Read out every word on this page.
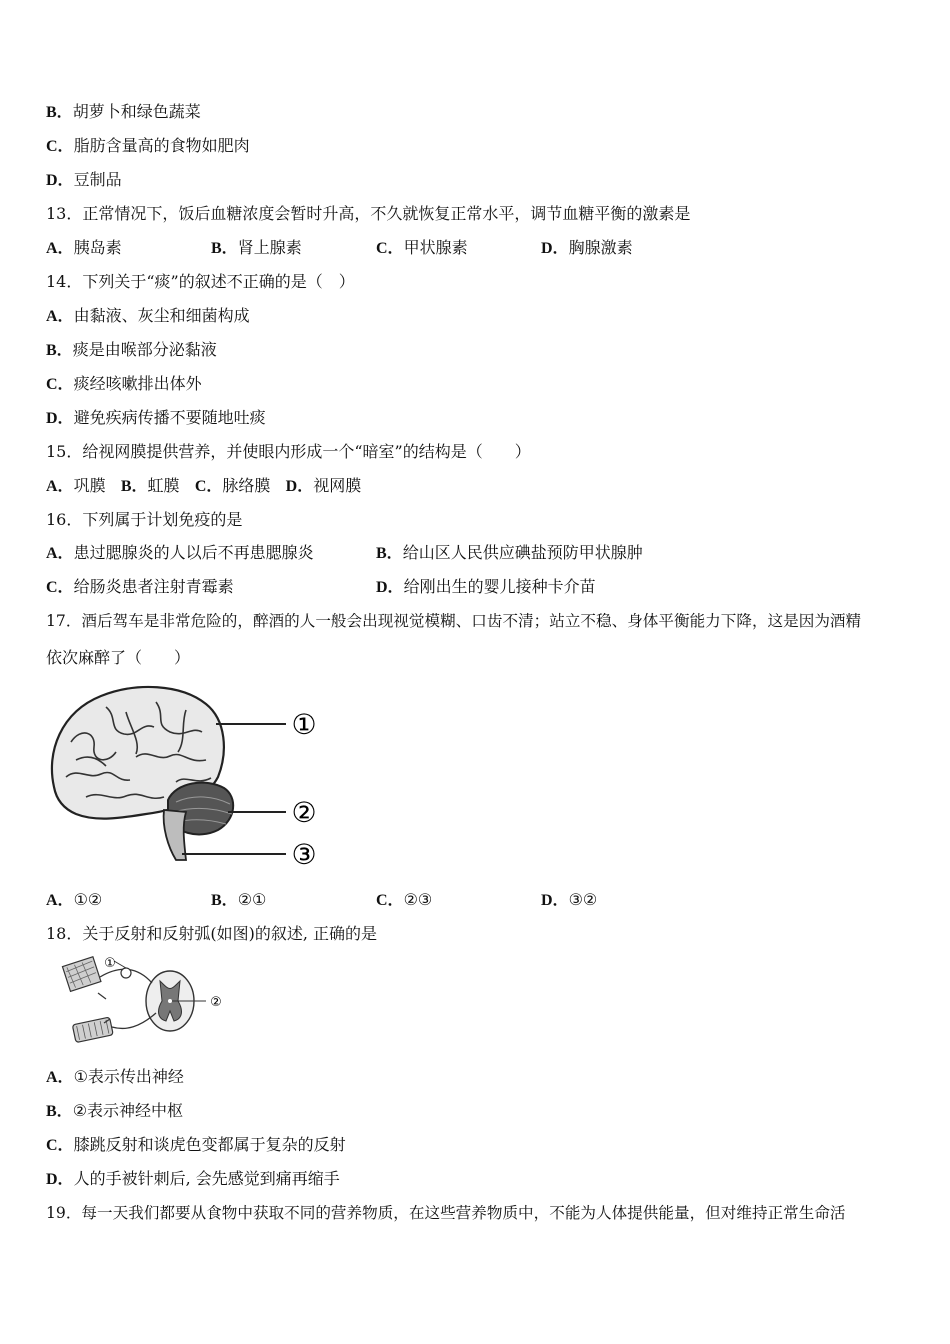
B．胡萝卜和绿色蔬菜
C．脂肪含量高的食物如肥肉
D．豆制品
13．正常情况下，饭后血糖浓度会暂时升高，不久就恢复正常水平，调节血糖平衡的激素是
A．胰岛素	B．肾上腺素	C．甲状腺素	D．胸腺激素
14．下列关于“痰”的叙述不正确的是（　）
A．由黏液、灰尘和细菌构成
B．痰是由喉部分泌黏液
C．痰经咳嗽排出体外
D．避免疾病传播不要随地吐痰
15．给视网膜提供营养，并使眼内形成一个“暗室”的结构是（　　）
A．巩膜 B．虹膜 C．脉络膜 D．视网膜
16．下列属于计划免疫的是
A．患过腮腺炎的人以后不再患腮腺炎	B．给山区人民供应碘盐预防甲状腺肿
C．给肠炎患者注射青霉素	D．给刚出生的婴儿接种卡介苗
17．酒后驾车是非常危险的，醉酒的人一般会出现视觉模糊、口齿不清；站立不稳、身体平衡能力下降，这是因为酒精
依次麻醉了（　　）
①
②
③
A．①②	B．②①	C．②③	D．③②
18．关于反射和反射弧(如图)的叙述, 正确的是
①
②
A．①表示传出神经
B．②表示神经中枢
C．膝跳反射和谈虎色变都属于复杂的反射
D．人的手被针刺后, 会先感觉到痛再缩手
19．每一天我们都要从食物中获取不同的营养物质，在这些营养物质中，不能为人体提供能量，但对维持正常生命活
